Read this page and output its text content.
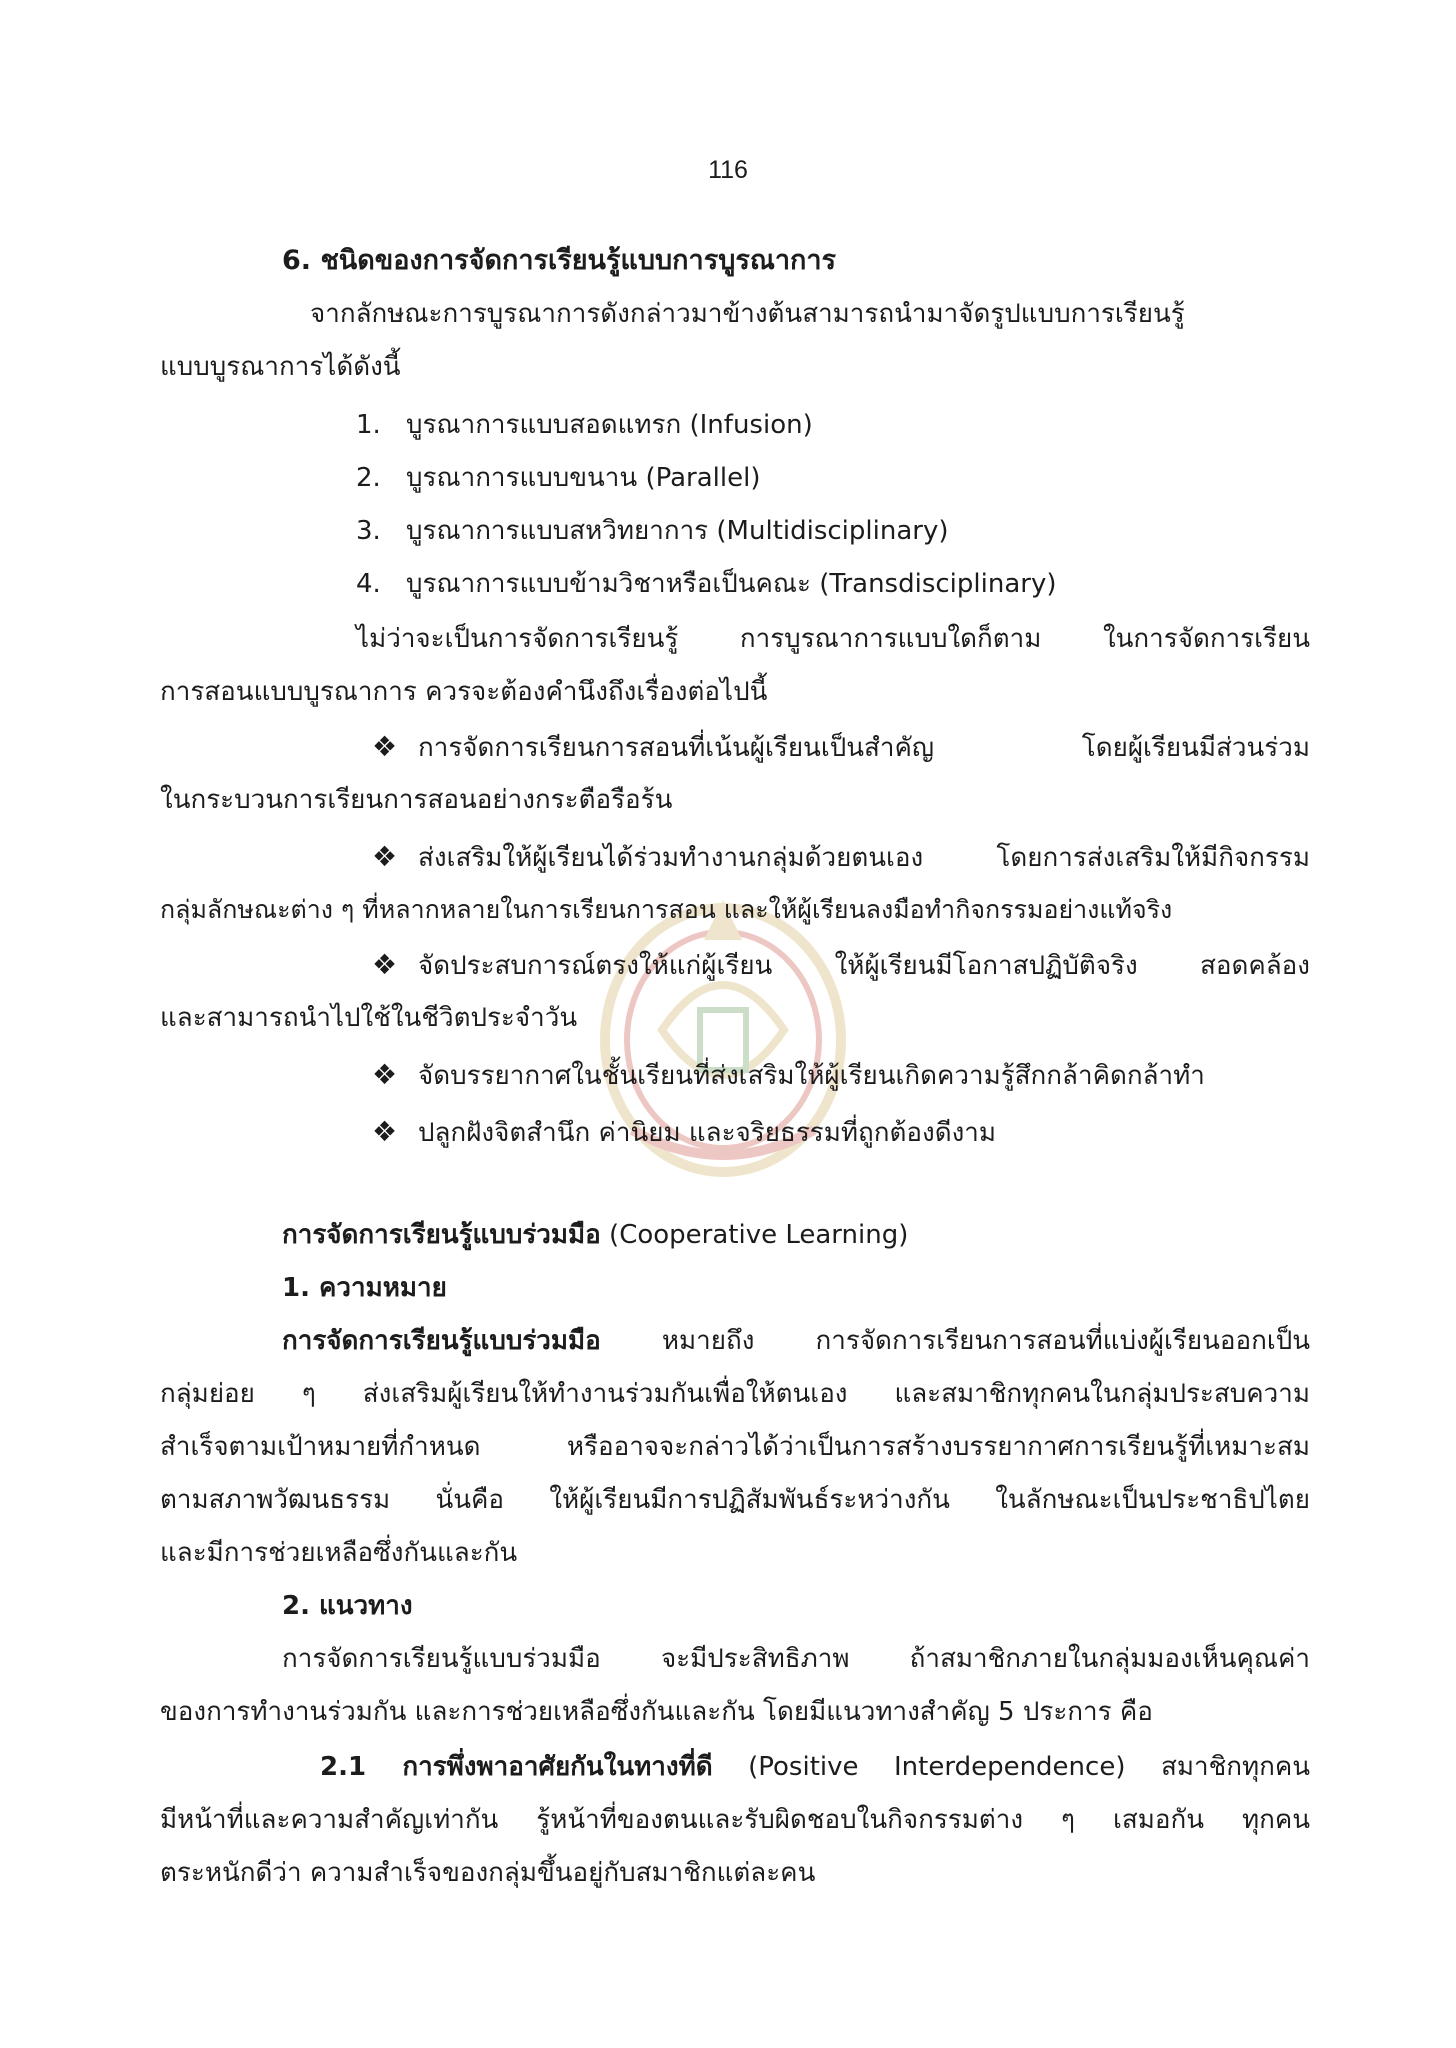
116
6. ชนิดของการจัดการเรียนรู้แบบการบูรณาการ
จากลักษณะการบูรณาการดังกล่าวมาข้างต้นสามารถนำมาจัดรูปแบบการเรียนรู้
แบบบูรณาการได้ดังนี้
1. บูรณาการแบบสอดแทรก (Infusion)
2. บูรณาการแบบขนาน (Parallel)
3. บูรณาการแบบสหวิทยาการ (Multidisciplinary)
4. บูรณาการแบบข้ามวิชาหรือเป็นคณะ (Transdisciplinary)
ไม่ว่าจะเป็นการจัดการเรียนรู้ การบูรณาการแบบใดก็ตาม ในการจัดการเรียน
การสอนแบบบูรณาการ ควรจะต้องคำนึงถึงเรื่องต่อไปนี้
❖ การจัดการเรียนการสอนที่เน้นผู้เรียนเป็นสำคัญ โดยผู้เรียนมีส่วนร่วม
ในกระบวนการเรียนการสอนอย่างกระตือรือร้น
❖ ส่งเสริมให้ผู้เรียนได้ร่วมทำงานกลุ่มด้วยตนเอง โดยการส่งเสริมให้มีกิจกรรม
กลุ่มลักษณะต่าง ๆ ที่หลากหลายในการเรียนการสอน และให้ผู้เรียนลงมือทำกิจกรรมอย่างแท้จริง
❖ จัดประสบการณ์ตรงให้แก่ผู้เรียน ให้ผู้เรียนมีโอกาสปฏิบัติจริง สอดคล้อง
และสามารถนำไปใช้ในชีวิตประจำวัน
❖ จัดบรรยากาศในชั้นเรียนที่ส่งเสริมให้ผู้เรียนเกิดความรู้สึกกล้าคิดกล้าทำ
❖ ปลูกฝังจิตสำนึก ค่านิยม และจริยธรรมที่ถูกต้องดีงาม
การจัดการเรียนรู้แบบร่วมมือ (Cooperative Learning)
1. ความหมาย
การจัดการเรียนรู้แบบร่วมมือ หมายถึง การจัดการเรียนการสอนที่แบ่งผู้เรียนออกเป็น
กลุ่มย่อย ๆ ส่งเสริมผู้เรียนให้ทำงานร่วมกันเพื่อให้ตนเอง และสมาชิกทุกคนในกลุ่มประสบความ
สำเร็จตามเป้าหมายที่กำหนด หรืออาจจะกล่าวได้ว่าเป็นการสร้างบรรยากาศการเรียนรู้ที่เหมาะสม
ตามสภาพวัฒนธรรม นั่นคือ ให้ผู้เรียนมีการปฏิสัมพันธ์ระหว่างกัน ในลักษณะเป็นประชาธิปไตย
และมีการช่วยเหลือซึ่งกันและกัน
2. แนวทาง
การจัดการเรียนรู้แบบร่วมมือ จะมีประสิทธิภาพ ถ้าสมาชิกภายในกลุ่มมองเห็นคุณค่า
ของการทำงานร่วมกัน และการช่วยเหลือซึ่งกันและกัน โดยมีแนวทางสำคัญ 5 ประการ คือ
2.1 การพึ่งพาอาศัยกันในทางที่ดี (Positive Interdependence) สมาชิกทุกคน
มีหน้าที่และความสำคัญเท่ากัน รู้หน้าที่ของตนและรับผิดชอบในกิจกรรมต่าง ๆ เสมอกัน ทุกคน
ตระหนักดีว่า ความสำเร็จของกลุ่มขึ้นอยู่กับสมาชิกแต่ละคน
